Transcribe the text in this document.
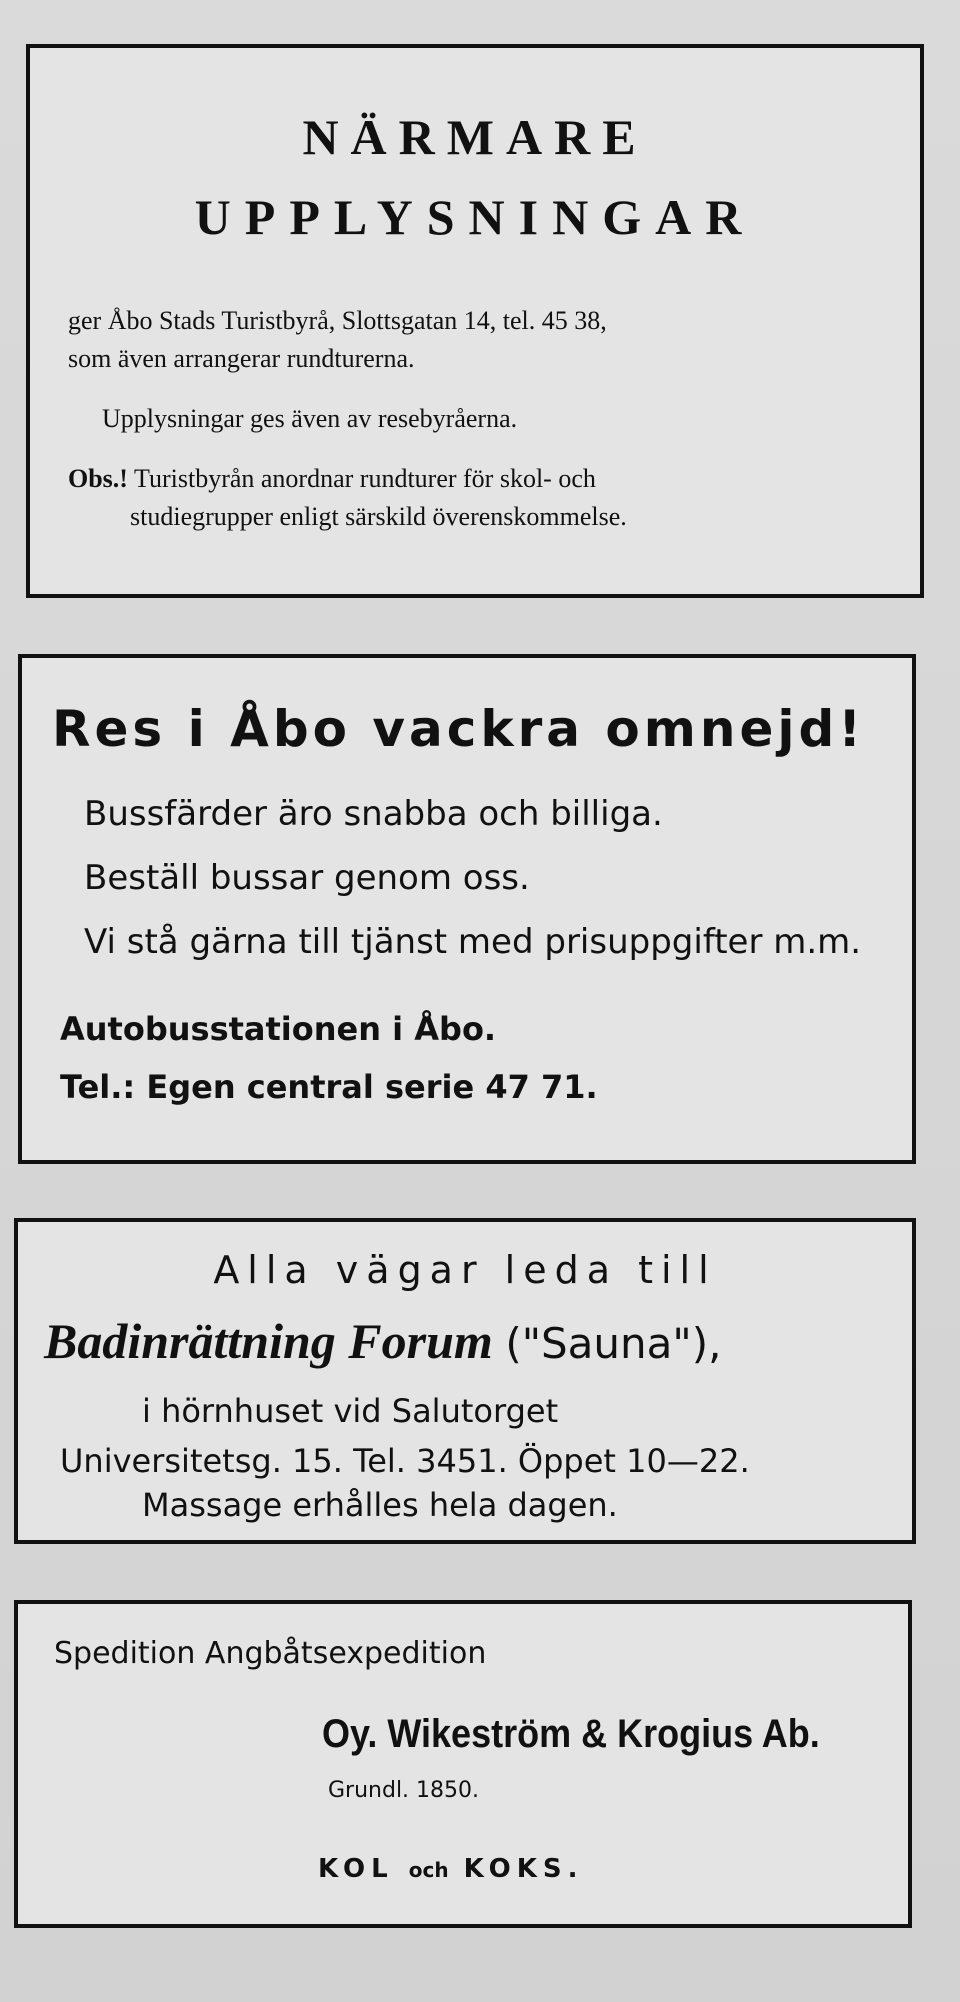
NÄRMARE
UPPLYSNINGAR
ger Åbo Stads Turistbyrå, Slottsgatan 14, tel. 45 38,
som även arrangerar rundturerna.
Upplysningar ges även av resebyråerna.
Obs.! Turistbyrån anordnar rundturer för skol- och
studiegrupper enligt särskild överenskommelse.
Res i Åbo vackra omnejd!
Bussfärder äro snabba och billiga.
Beställ bussar genom oss.
Vi stå gärna till tjänst med prisuppgifter m.m.
Autobusstationen i Åbo.
Tel.: Egen central serie 47 71.
Alla vägar leda till
Badinrättning Forum ("Sauna"),
i hörnhuset vid Salutorget
Universitetsg. 15. Tel. 3451. Öppet 10—22.
Massage erhålles hela dagen.
Spedition Angbåtsexpedition
Oy. Wikeström & Krogius Ab.
Grundl. 1850.
KOL och KOKS.
